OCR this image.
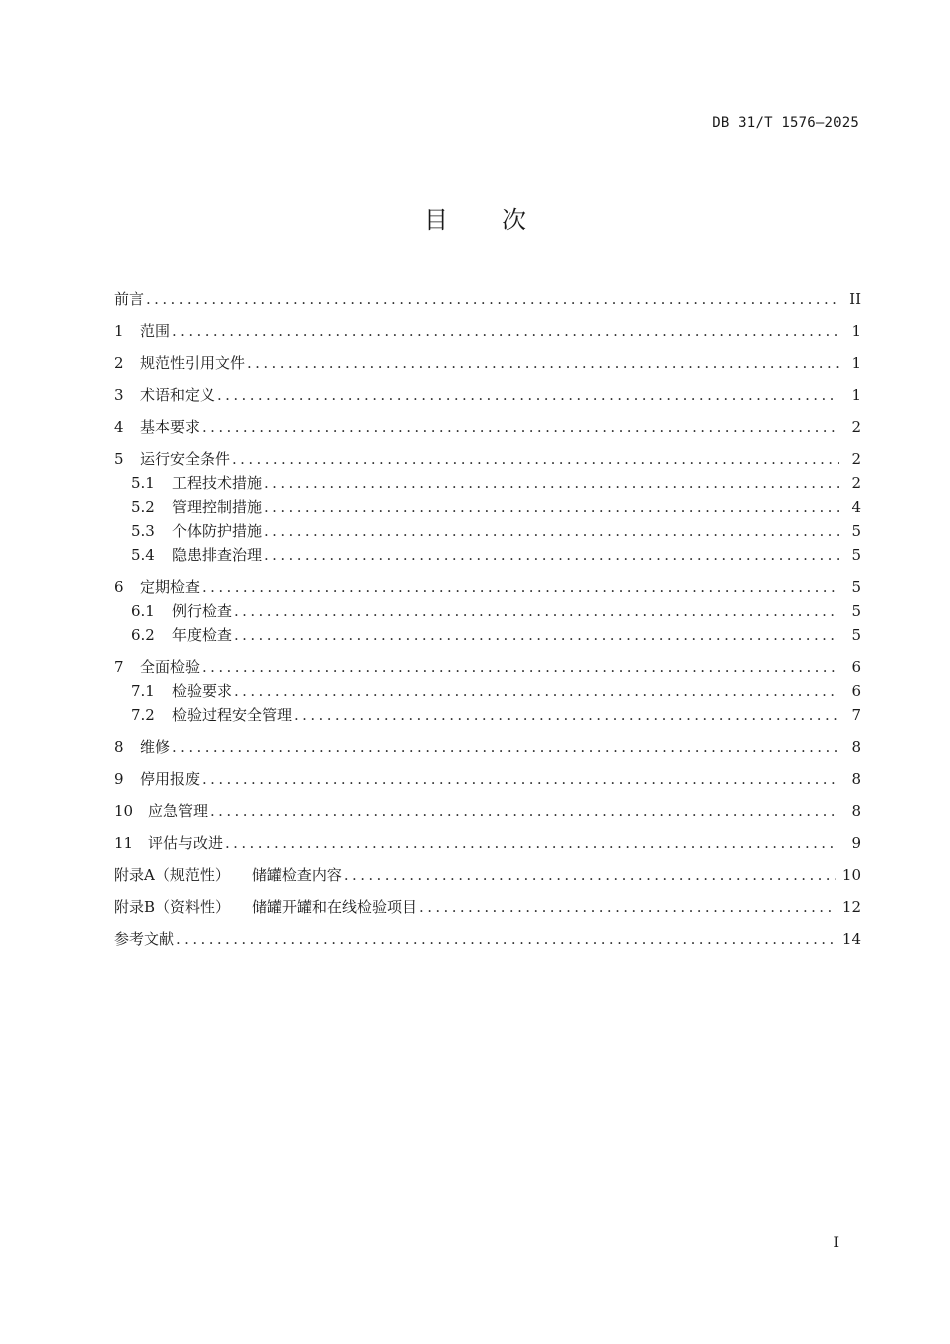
DB 31/T 1576—2025
目 次
前言 .....	II
1	范围 .....	1
2	规范性引用文件 .....	1
3	术语和定义 .....	1
4	基本要求 .....	2
5	运行安全条件 .....	2
5.1	工程技术措施 .....	2
5.2	管理控制措施 .....	4
5.3	个体防护措施 .....	5
5.4	隐患排查治理 .....	5
6	定期检查 .....	5
6.1	例行检查 .....	5
6.2	年度检查 .....	5
7	全面检验 .....	6
7.1	检验要求 .....	6
7.2	检验过程安全管理 .....	7
8	维修 .....	8
9	停用报废 .....	8
10 应急管理 .....	8
11 评估与改进 .....	9
附录A（规范性） 储罐检查内容 .....	10
附录B（资料性） 储罐开罐和在线检验项目 .....	12
参考文献 .....	14
I
